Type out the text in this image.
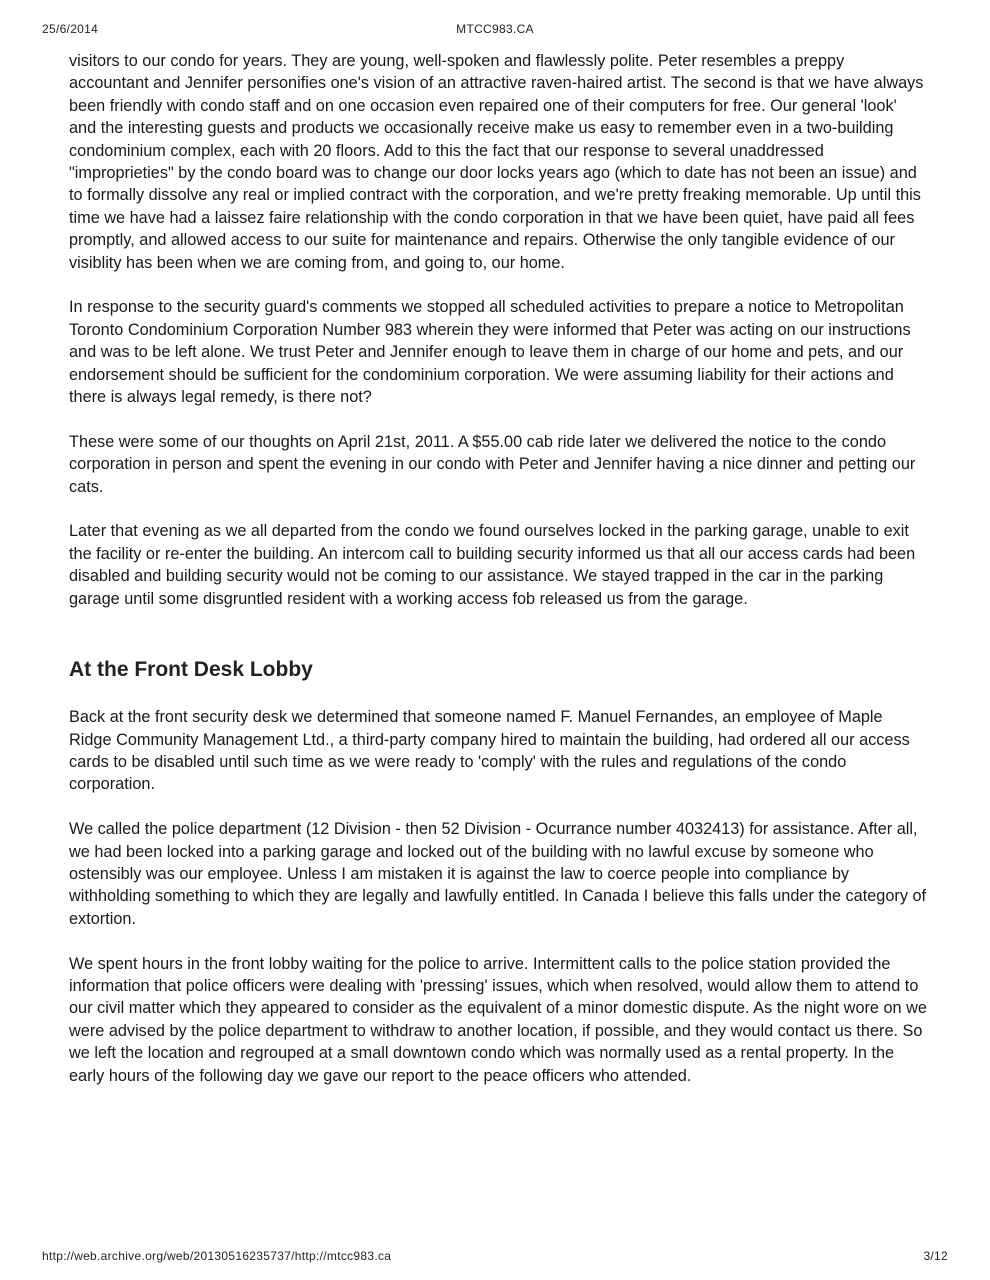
25/6/2014	MTCC983.CA

visitors to our condo for years. They are young, well-spoken and flawlessly polite. Peter resembles a preppy accountant and Jennifer personifies one's vision of an attractive raven-haired artist. The second is that we have always been friendly with condo staff and on one occasion even repaired one of their computers for free. Our general 'look' and the interesting guests and products we occasionally receive make us easy to remember even in a two-building condominium complex, each with 20 floors. Add to this the fact that our response to several unaddressed "improprieties" by the condo board was to change our door locks years ago (which to date has not been an issue) and to formally dissolve any real or implied contract with the corporation, and we're pretty freaking memorable. Up until this time we have had a laissez faire relationship with the condo corporation in that we have been quiet, have paid all fees promptly, and allowed access to our suite for maintenance and repairs. Otherwise the only tangible evidence of our visiblity has been when we are coming from, and going to, our home.

In response to the security guard's comments we stopped all scheduled activities to prepare a notice to Metropolitan Toronto Condominium Corporation Number 983 wherein they were informed that Peter was acting on our instructions and was to be left alone. We trust Peter and Jennifer enough to leave them in charge of our home and pets, and our endorsement should be sufficient for the condominium corporation. We were assuming liability for their actions and there is always legal remedy, is there not?

These were some of our thoughts on April 21st, 2011. A $55.00 cab ride later we delivered the notice to the condo corporation in person and spent the evening in our condo with Peter and Jennifer having a nice dinner and petting our cats.

Later that evening as we all departed from the condo we found ourselves locked in the parking garage, unable to exit the facility or re-enter the building. An intercom call to building security informed us that all our access cards had been disabled and building security would not be coming to our assistance. We stayed trapped in the car in the parking garage until some disgruntled resident with a working access fob released us from the garage.

At the Front Desk Lobby

Back at the front security desk we determined that someone named F. Manuel Fernandes, an employee of Maple Ridge Community Management Ltd., a third-party company hired to maintain the building, had ordered all our access cards to be disabled until such time as we were ready to 'comply' with the rules and regulations of the condo corporation.

We called the police department (12 Division - then 52 Division - Ocurrance number 4032413) for assistance. After all, we had been locked into a parking garage and locked out of the building with no lawful excuse by someone who ostensibly was our employee. Unless I am mistaken it is against the law to coerce people into compliance by withholding something to which they are legally and lawfully entitled. In Canada I believe this falls under the category of extortion.

We spent hours in the front lobby waiting for the police to arrive. Intermittent calls to the police station provided the information that police officers were dealing with 'pressing' issues, which when resolved, would allow them to attend to our civil matter which they appeared to consider as the equivalent of a minor domestic dispute. As the night wore on we were advised by the police department to withdraw to another location, if possible, and they would contact us there. So we left the location and regrouped at a small downtown condo which was normally used as a rental property. In the early hours of the following day we gave our report to the peace officers who attended.

http://web.archive.org/web/20130516235737/http://mtcc983.ca	3/12
